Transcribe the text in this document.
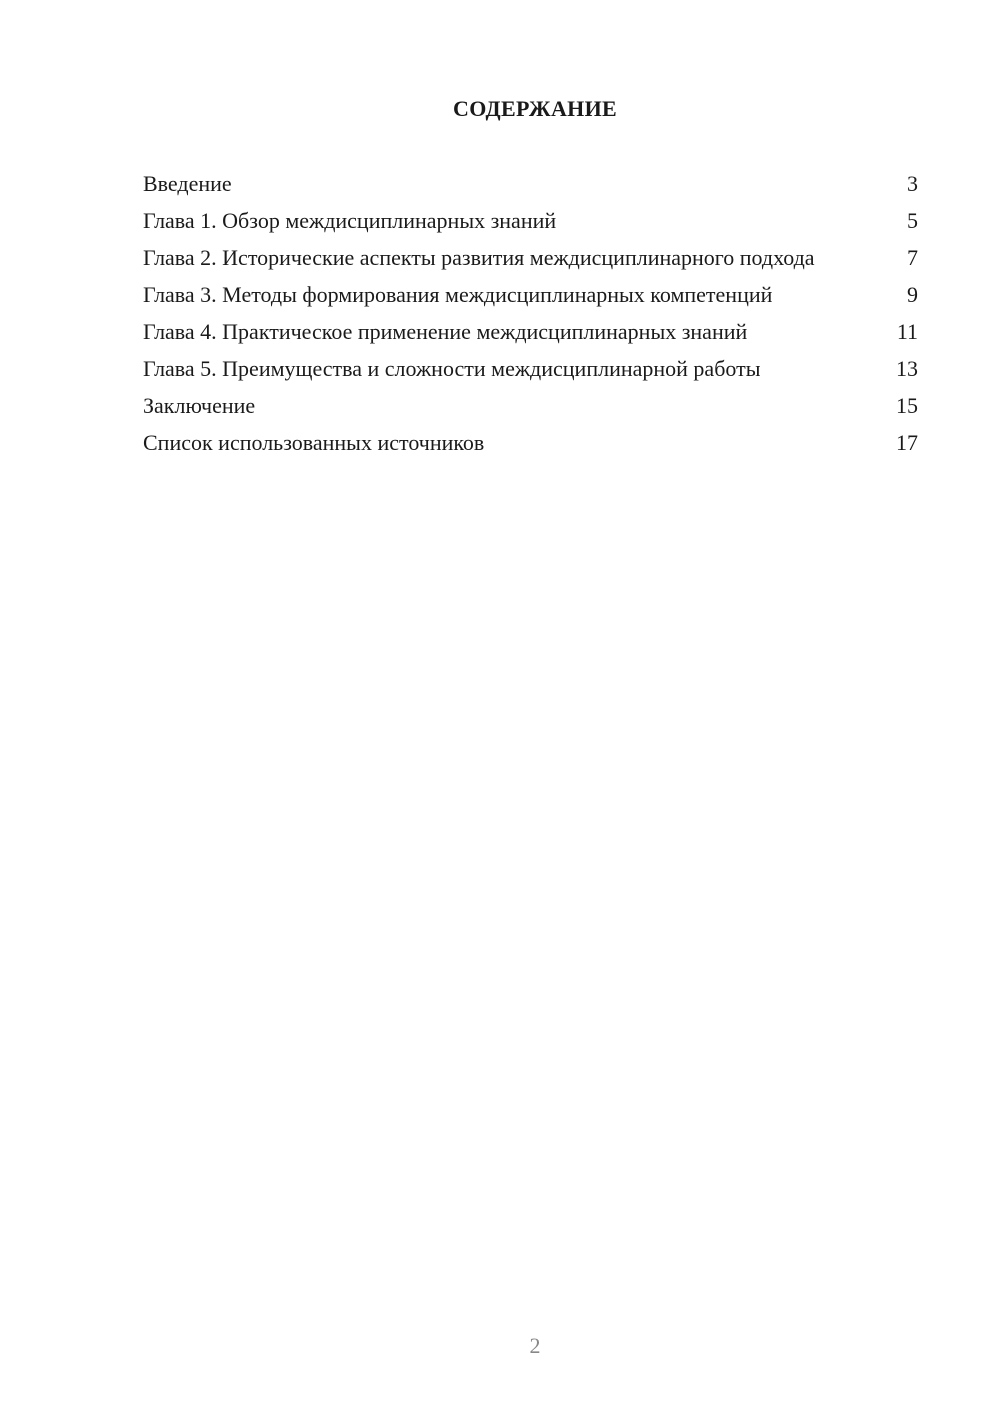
СОДЕРЖАНИЕ
Введение	3
Глава 1. Обзор междисциплинарных знаний	5
Глава 2. Исторические аспекты развития междисциплинарного подхода	7
Глава 3. Методы формирования междисциплинарных компетенций	9
Глава 4. Практическое применение междисциплинарных знаний	11
Глава 5. Преимущества и сложности междисциплинарной работы	13
Заключение	15
Список использованных источников	17
2
